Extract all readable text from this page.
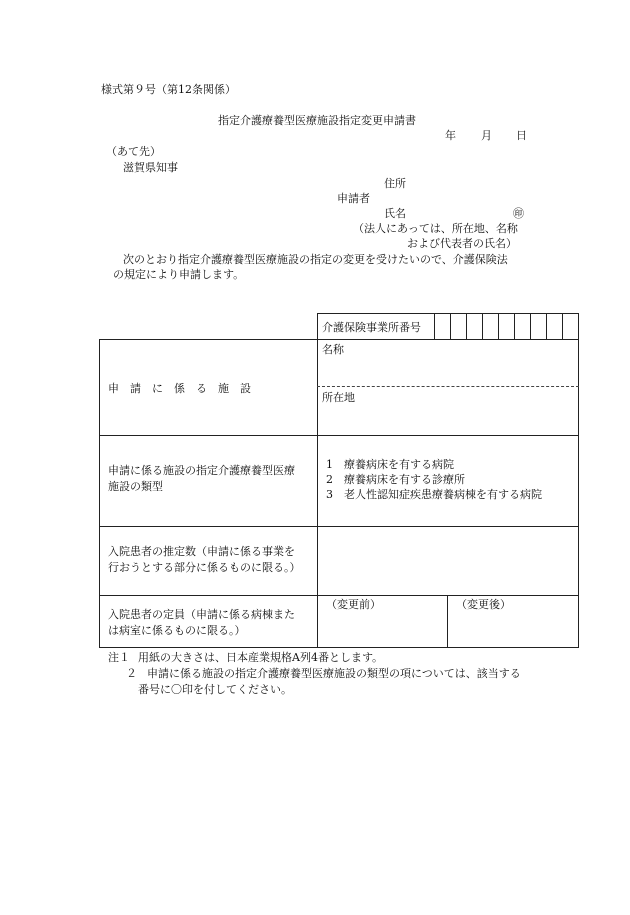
様式第９号（第12条関係）
指定介護療養型医療施設指定変更申請書
年 月 日
（あて先）
滋賀県知事
住所
申請者
氏名	㊞
（法人にあっては、所在地、名称
および代表者の氏名）
次のとおり指定介護療養型医療施設の指定の変更を受けたいので、介護保険法
の規定により申請します。
介護保険事業所番号
申　請　に　係　る　施　設
名称
所在地
申請に係る施設の指定介護療養型医療
施設の類型
1　療養病床を有する病院
2　療養病床を有する診療所
3　老人性認知症疾患療養病棟を有する病院
入院患者の推定数（申請に係る事業を
行おうとする部分に係るものに限る。）
入院患者の定員（申請に係る病棟また
は病室に係るものに限る。）
（変更前）	（変更後）
注１ 用紙の大きさは、日本産業規格A列4番とします。
２ 申請に係る施設の指定介護療養型医療施設の類型の項については、該当する
番号に〇印を付してください。
